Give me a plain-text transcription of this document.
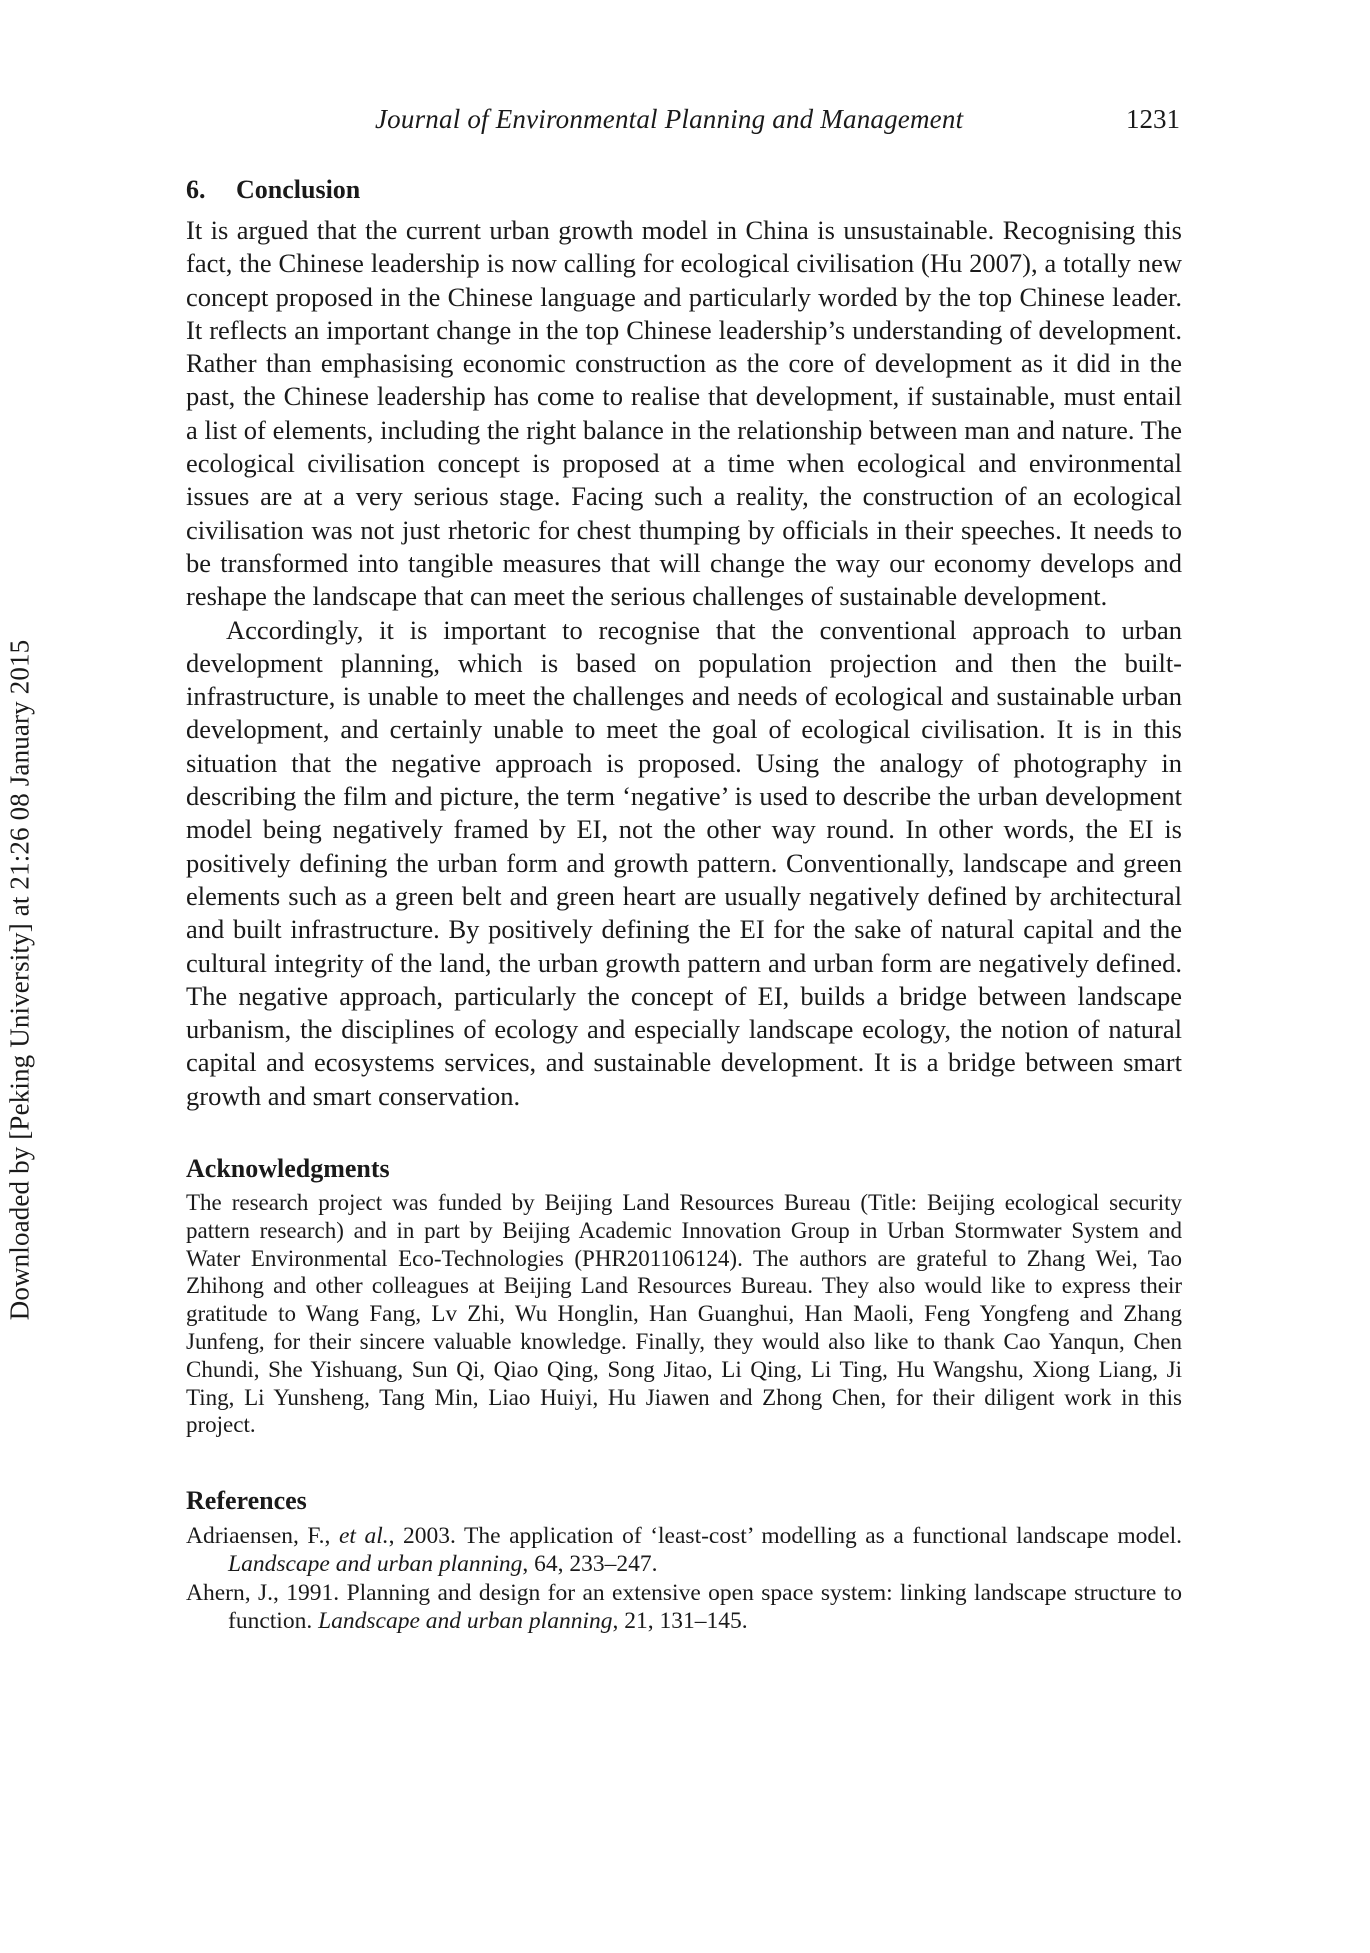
Journal of Environmental Planning and Management	1231
Downloaded by [Peking University] at 21:26 08 January 2015
6. Conclusion

It is argued that the current urban growth model in China is unsustainable. Recognising this fact, the Chinese leadership is now calling for ecological civilisation (Hu 2007), a totally new concept proposed in the Chinese language and particularly worded by the top Chinese leader. It reflects an important change in the top Chinese leadership’s understanding of development. Rather than emphasising economic construction as the core of development as it did in the past, the Chinese leadership has come to realise that development, if sustainable, must entail a list of elements, including the right balance in the relationship between man and nature. The ecological civilisation concept is proposed at a time when ecological and environmental issues are at a very serious stage. Facing such a reality, the construction of an ecological civilisation was not just rhetoric for chest thumping by officials in their speeches. It needs to be transformed into tangible measures that will change the way our economy develops and reshape the landscape that can meet the serious challenges of sustainable development.

Accordingly, it is important to recognise that the conventional approach to urban development planning, which is based on population projection and then the built-infrastructure, is unable to meet the challenges and needs of ecological and sustainable urban development, and certainly unable to meet the goal of ecological civilisation. It is in this situation that the negative approach is proposed. Using the analogy of photography in describing the film and picture, the term ‘negative’ is used to describe the urban development model being negatively framed by EI, not the other way round. In other words, the EI is positively defining the urban form and growth pattern. Conventionally, landscape and green elements such as a green belt and green heart are usually negatively defined by architectural and built infrastructure. By positively defining the EI for the sake of natural capital and the cultural integrity of the land, the urban growth pattern and urban form are negatively defined. The negative approach, particularly the concept of EI, builds a bridge between landscape urbanism, the disciplines of ecology and especially landscape ecology, the notion of natural capital and ecosystems services, and sustainable development. It is a bridge between smart growth and smart conservation.

Acknowledgments

The research project was funded by Beijing Land Resources Bureau (Title: Beijing ecological security pattern research) and in part by Beijing Academic Innovation Group in Urban Stormwater System and Water Environmental Eco-Technologies (PHR201106124). The authors are grateful to Zhang Wei, Tao Zhihong and other colleagues at Beijing Land Resources Bureau. They also would like to express their gratitude to Wang Fang, Lv Zhi, Wu Honglin, Han Guanghui, Han Maoli, Feng Yongfeng and Zhang Junfeng, for their sincere valuable knowledge. Finally, they would also like to thank Cao Yanqun, Chen Chundi, She Yishuang, Sun Qi, Qiao Qing, Song Jitao, Li Qing, Li Ting, Hu Wangshu, Xiong Liang, Ji Ting, Li Yunsheng, Tang Min, Liao Huiyi, Hu Jiawen and Zhong Chen, for their diligent work in this project.

References

Adriaensen, F., et al., 2003. The application of ‘least-cost’ modelling as a functional landscape model. Landscape and urban planning, 64, 233–247.

Ahern, J., 1991. Planning and design for an extensive open space system: linking landscape structure to function. Landscape and urban planning, 21, 131–145.
